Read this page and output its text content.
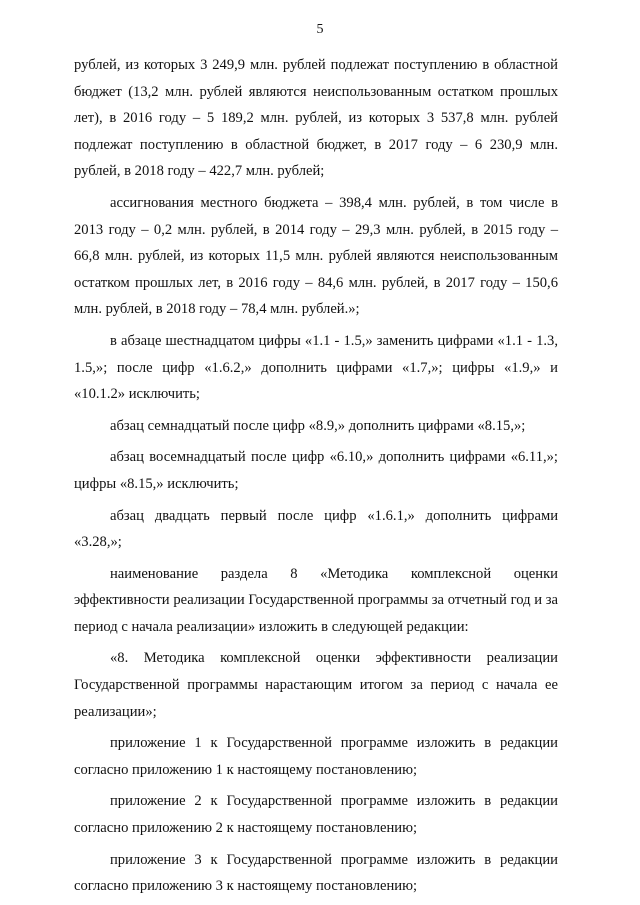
5

рублей, из которых 3 249,9 млн. рублей подлежат поступлению в областной бюджет (13,2 млн. рублей являются неиспользованным остатком прошлых лет), в 2016 году – 5 189,2 млн. рублей, из которых 3 537,8 млн. рублей подлежат поступлению в областной бюджет, в 2017 году – 6 230,9 млн. рублей, в 2018 году – 422,7 млн. рублей;

ассигнования местного бюджета – 398,4 млн. рублей, в том числе в 2013 году – 0,2 млн. рублей, в 2014 году – 29,3 млн. рублей, в 2015 году – 66,8 млн. рублей, из которых 11,5 млн. рублей являются неиспользованным остатком прошлых лет, в 2016 году – 84,6 млн. рублей, в 2017 году – 150,6 млн. рублей, в 2018 году – 78,4 млн. рублей.»;

в абзаце шестнадцатом цифры «1.1 - 1.5,» заменить цифрами «1.1 - 1.3, 1.5,»; после цифр «1.6.2,» дополнить цифрами «1.7,»; цифры «1.9,» и «10.1.2» исключить;

абзац семнадцатый после цифр «8.9,» дополнить цифрами «8.15,»;

абзац восемнадцатый после цифр «6.10,» дополнить цифрами «6.11,»; цифры «8.15,» исключить;

абзац двадцать первый после цифр «1.6.1,» дополнить цифрами «3.28,»;

наименование раздела 8 «Методика комплексной оценки эффективности реализации Государственной программы за отчетный год и за период с начала реализации» изложить в следующей редакции:

«8. Методика комплексной оценки эффективности реализации Государственной программы нарастающим итогом за период с начала ее реализации»;

приложение 1 к Государственной программе изложить в редакции согласно приложению 1 к настоящему постановлению;

приложение 2 к Государственной программе изложить в редакции согласно приложению 2 к настоящему постановлению;

приложение 3 к Государственной программе изложить в редакции согласно приложению 3 к настоящему постановлению;
